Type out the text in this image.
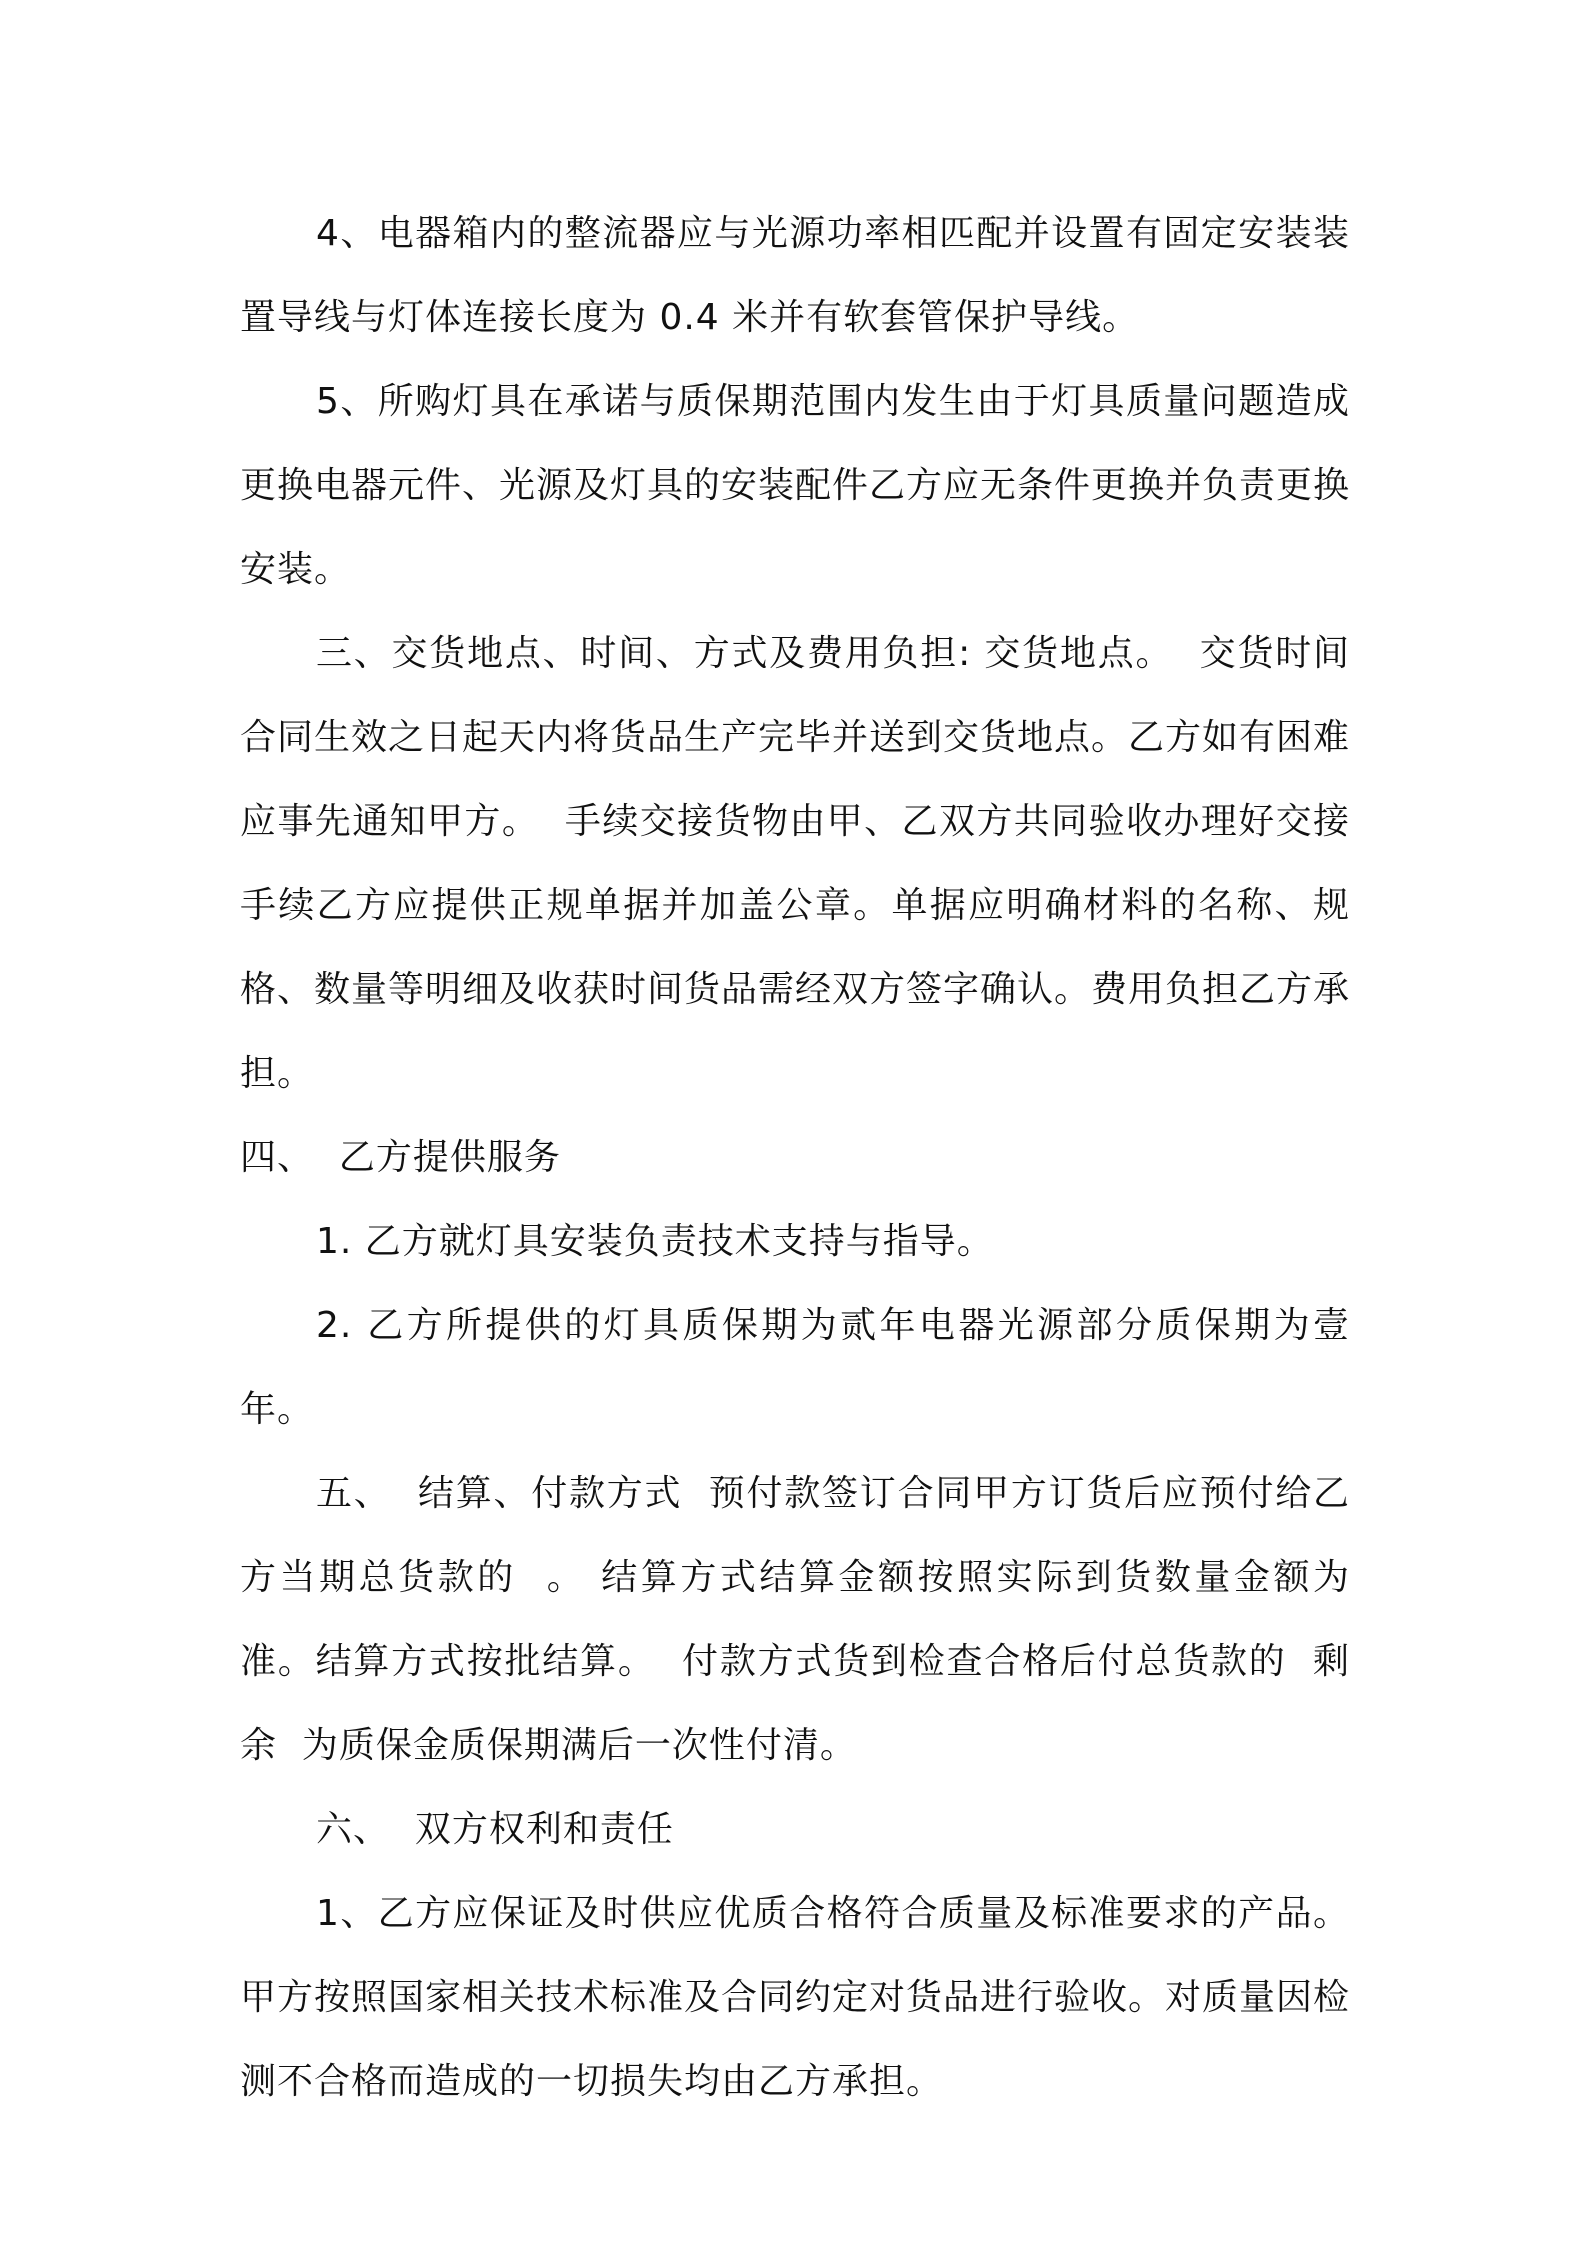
4、电器箱内的整流器应与光源功率相匹配并设置有固定安装装置导线与灯体连接长度为 0.4 米并有软套管保护导线。

5、所购灯具在承诺与质保期范围内发生由于灯具质量问题造成更换电器元件、光源及灯具的安装配件乙方应无条件更换并负责更换安装。

三、交货地点、时间、方式及费用负担: 交货地点。  交货时间合同生效之日起天内将货品生产完毕并送到交货地点。乙方如有困难应事先通知甲方。  手续交接货物由甲、乙双方共同验收办理好交接手续乙方应提供正规单据并加盖公章。单据应明确材料的名称、规格、数量等明细及收获时间货品需经双方签字确认。费用负担乙方承担。

四、  乙方提供服务

1. 乙方就灯具安装负责技术支持与指导。

2. 乙方所提供的灯具质保期为贰年电器光源部分质保期为壹年。

五、  结算、付款方式  预付款签订合同甲方订货后应预付给乙方当期总货款的  。 结算方式结算金额按照实际到货数量金额为准。结算方式按批结算。  付款方式货到检查合格后付总货款的  剩余  为质保金质保期满后一次性付清。

六、  双方权利和责任

1、乙方应保证及时供应优质合格符合质量及标准要求的产品。甲方按照国家相关技术标准及合同约定对货品进行验收。对质量因检测不合格而造成的一切损失均由乙方承担。
